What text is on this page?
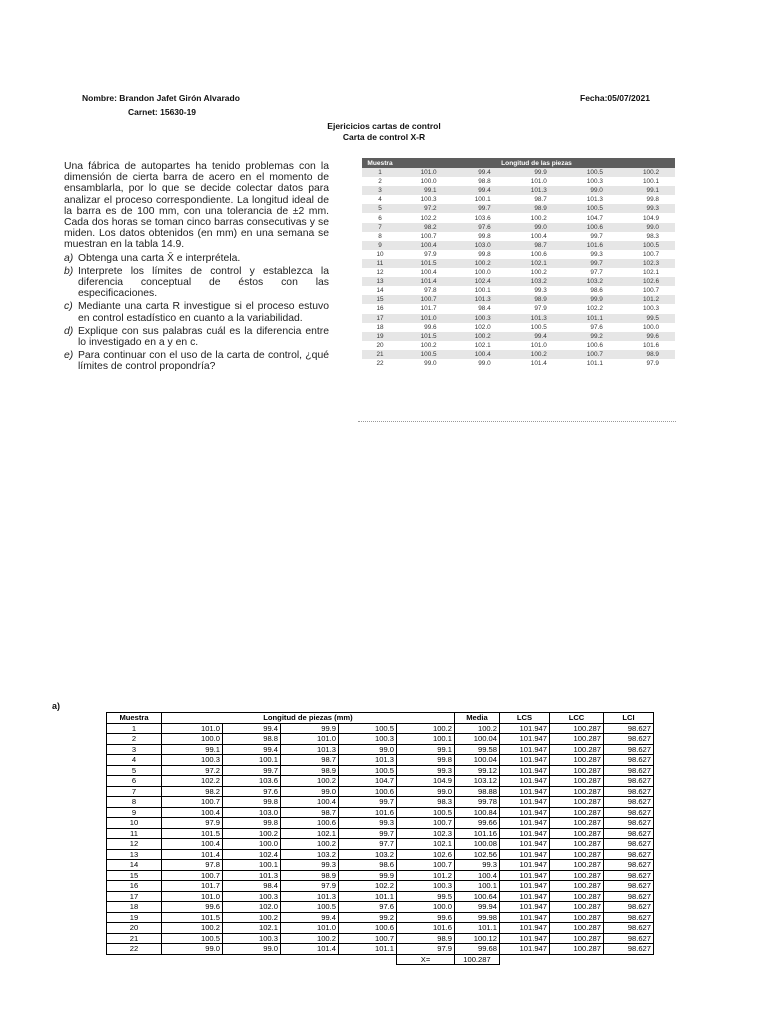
Nombre: Brandon Jafet Girón Alvarado
Carnet: 15630-19
Fecha:05/07/2021
Ejericicios cartas de control
Carta de control X-R

Una fábrica de autopartes ha tenido problemas con la dimensión de cierta barra de acero en el momento de ensamblarla, por lo que se decide colectar datos para analizar el proceso correspondiente. La longitud ideal de la barra es de 100 mm, con una tolerancia de ±2 mm. Cada dos horas se toman cinco barras consecutivas y se miden. Los datos obtenidos (en mm) en una semana se muestran en la tabla 14.9.

a) Obtenga una carta X̄ e interprétela.
b) Interprete los límites de control y establezca la diferencia conceptual de éstos con las especificaciones.
c) Mediante una carta R investigue si el proceso estuvo en control estadístico en cuanto a la variabilidad.
d) Explique con sus palabras cuál es la diferencia entre lo investigado en a y en c.
e) Para continuar con el uso de la carta de control, ¿qué límites de control propondría?
Muestra	Longitud de las piezas				
1	101.0	99.4	99.9	100.5	100.2
2	100.0	98.8	101.0	100.3	100.1
3	99.1	99.4	101.3	99.0	99.1
4	100.3	100.1	98.7	101.3	99.8
5	97.2	99.7	98.9	100.5	99.3
6	102.2	103.6	100.2	104.7	104.9
7	98.2	97.6	99.0	100.6	99.0
8	100.7	99.8	100.4	99.7	98.3
9	100.4	103.0	98.7	101.6	100.5
10	97.9	99.8	100.6	99.3	100.7
11	101.5	100.2	102.1	99.7	102.3
12	100.4	100.0	100.2	97.7	102.1
13	101.4	102.4	103.2	103.2	102.6
14	97.8	100.1	99.3	98.6	100.7
15	100.7	101.3	98.9	99.9	101.2
16	101.7	98.4	97.9	102.2	100.3
17	101.0	100.3	101.3	101.1	99.5
18	99.6	102.0	100.5	97.6	100.0
19	101.5	100.2	99.4	99.2	99.6
20	100.2	102.1	101.0	100.6	101.6
21	100.5	100.4	100.2	100.7	98.9
22	99.0	99.0	101.4	101.1	97.9
a)
Muestra	Longitud de piezas (mm)					Media	LCS	LCC	LCI
1	101.0	99.4	99.9	100.5	100.2	100.2	101.947	100.287	98.627
2	100.0	98.8	101.0	100.3	100.1	100.04	101.947	100.287	98.627
3	99.1	99.4	101.3	99.0	99.1	99.58	101.947	100.287	98.627
4	100.3	100.1	98.7	101.3	99.8	100.04	101.947	100.287	98.627
5	97.2	99.7	98.9	100.5	99.3	99.12	101.947	100.287	98.627
6	102.2	103.6	100.2	104.7	104.9	103.12	101.947	100.287	98.627
7	98.2	97.6	99.0	100.6	99.0	98.88	101.947	100.287	98.627
8	100.7	99.8	100.4	99.7	98.3	99.78	101.947	100.287	98.627
9	100.4	103.0	98.7	101.6	100.5	100.84	101.947	100.287	98.627
10	97.9	99.8	100.6	99.3	100.7	99.66	101.947	100.287	98.627
11	101.5	100.2	102.1	99.7	102.3	101.16	101.947	100.287	98.627
12	100.4	100.0	100.2	97.7	102.1	100.08	101.947	100.287	98.627
13	101.4	102.4	103.2	103.2	102.6	102.56	101.947	100.287	98.627
14	97.8	100.1	99.3	98.6	100.7	99.3	101.947	100.287	98.627
15	100.7	101.3	98.9	99.9	101.2	100.4	101.947	100.287	98.627
16	101.7	98.4	97.9	102.2	100.3	100.1	101.947	100.287	98.627
17	101.0	100.3	101.3	101.1	99.5	100.64	101.947	100.287	98.627
18	99.6	102.0	100.5	97.6	100.0	99.94	101.947	100.287	98.627
19	101.5	100.2	99.4	99.2	99.6	99.98	101.947	100.287	98.627
20	100.2	102.1	101.0	100.6	101.6	101.1	101.947	100.287	98.627
21	100.5	100.3	100.2	100.7	98.9	100.12	101.947	100.287	98.627
22	99.0	99.0	101.4	101.1	97.9	99.68	101.947	100.287	98.627
					X=	100.287			
